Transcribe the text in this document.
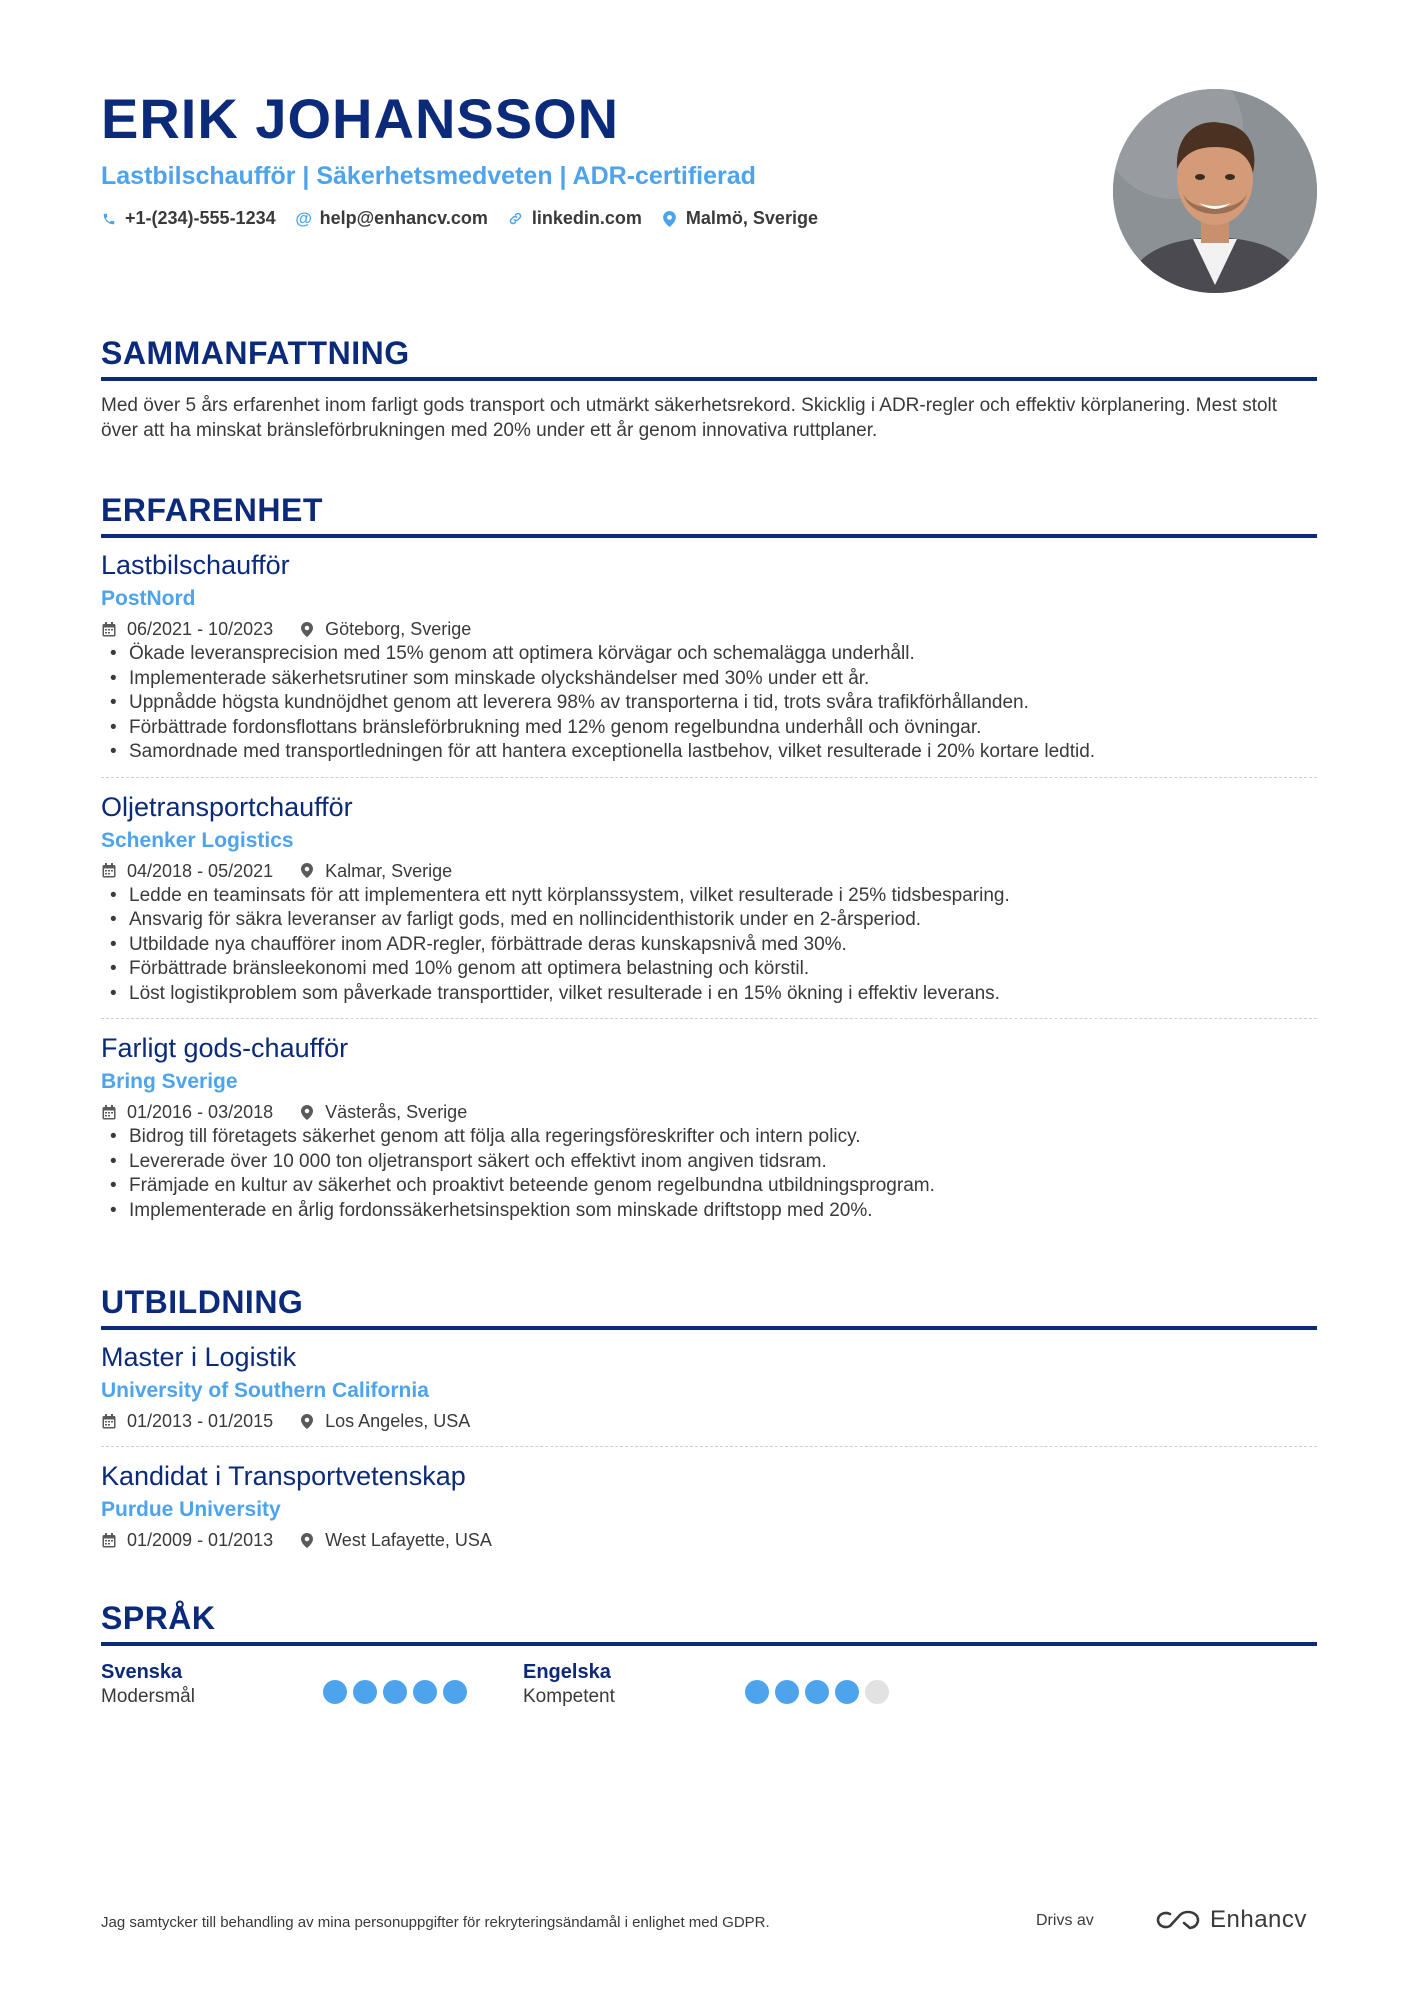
ERIK JOHANSSON
Lastbilschaufför | Säkerhetsmedveten | ADR-certifierad
+1-(234)-555-1234 @ help@enhancv.com linkedin.com Malmö, Sverige
SAMMANFATTNING
Med över 5 års erfarenhet inom farligt gods transport och utmärkt säkerhetsrekord. Skicklig i ADR-regler och effektiv körplanering. Mest stolt över att ha minskat bränsleförbrukningen med 20% under ett år genom innovativa ruttplaner.
ERFARENHET
Lastbilschaufför
PostNord
06/2021 - 10/2023	Göteborg, Sverige
• Ökade leveransprecision med 15% genom att optimera körvägar och schemalägga underhåll.
• Implementerade säkerhetsrutiner som minskade olyckshändelser med 30% under ett år.
• Uppnådde högsta kundnöjdhet genom att leverera 98% av transporterna i tid, trots svåra trafikförhållanden.
• Förbättrade fordonsflottans bränsleförbrukning med 12% genom regelbundna underhåll och övningar.
• Samordnade med transportledningen för att hantera exceptionella lastbehov, vilket resulterade i 20% kortare ledtid.
Oljetransportchaufför
Schenker Logistics
04/2018 - 05/2021	Kalmar, Sverige
• Ledde en teaminsats för att implementera ett nytt körplanssystem, vilket resulterade i 25% tidsbesparing.
• Ansvarig för säkra leveranser av farligt gods, med en nollincidenthistorik under en 2-årsperiod.
• Utbildade nya chaufförer inom ADR-regler, förbättrade deras kunskapsnivå med 30%.
• Förbättrade bränsleekonomi med 10% genom att optimera belastning och körstil.
• Löst logistikproblem som påverkade transporttider, vilket resulterade i en 15% ökning i effektiv leverans.
Farligt gods-chaufför
Bring Sverige
01/2016 - 03/2018	Västerås, Sverige
• Bidrog till företagets säkerhet genom att följa alla regeringsföreskrifter och intern policy.
• Levererade över 10 000 ton oljetransport säkert och effektivt inom angiven tidsram.
• Främjade en kultur av säkerhet och proaktivt beteende genom regelbundna utbildningsprogram.
• Implementerade en årlig fordonssäkerhetsinspektion som minskade driftstopp med 20%.
UTBILDNING
Master i Logistik
University of Southern California
01/2013 - 01/2015	Los Angeles, USA
Kandidat i Transportvetenskap
Purdue University
01/2009 - 01/2013	West Lafayette, USA
SPRÅK
Svenska
Modersmål
Engelska
Kompetent
Jag samtycker till behandling av mina personuppgifter för rekryteringsändamål i enlighet med GDPR.	Drivs av	Enhancv
